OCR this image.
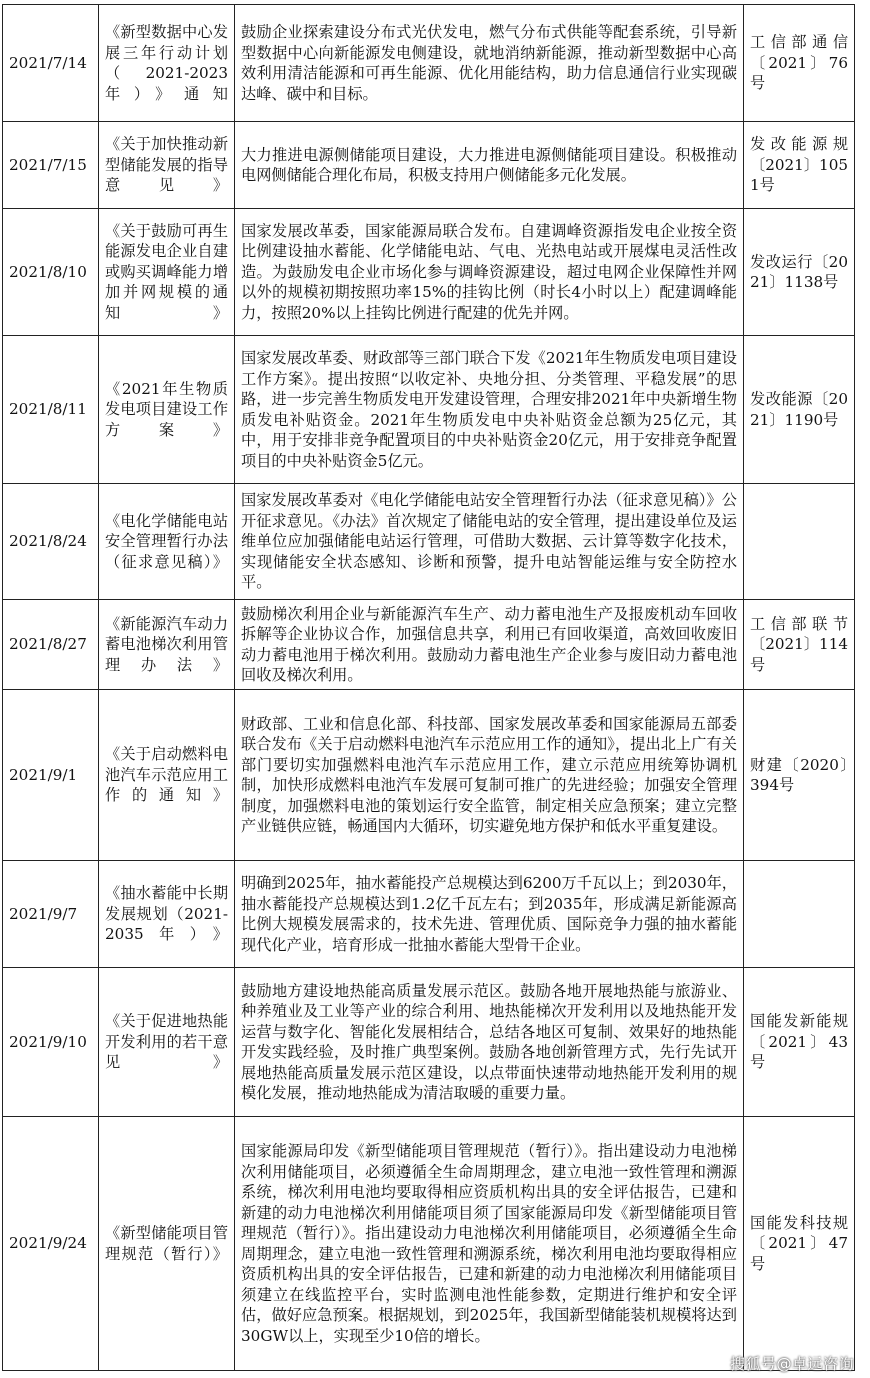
2021/7/14	《新型数据中心发展三年行动计划（2021-2023年）》通知	鼓励企业探索建设分布式光伏发电，燃气分布式供能等配套系统，引导新型数据中心向新能源发电侧建设，就地消纳新能源，推动新型数据中心高效利用清洁能源和可再生能源、优化用能结构，助力信息通信行业实现碳达峰、碳中和目标。	工信部通信〔2021〕76号
2021/7/15	《关于加快推动新型储能发展的指导意见》	大力推进电源侧储能项目建设，大力推进电源侧储能项目建设。积极推动电网侧储能合理化布局，积极支持用户侧储能多元化发展。	发改能源规〔2021〕1051号
2021/8/10	《关于鼓励可再生能源发电企业自建或购买调峰能力增加并网规模的通知》	国家发展改革委，国家能源局联合发布。自建调峰资源指发电企业按全资比例建设抽水蓄能、化学储能电站、气电、光热电站或开展煤电灵活性改造。为鼓励发电企业市场化参与调峰资源建设，超过电网企业保障性并网以外的规模初期按照功率15%的挂钩比例（时长4小时以上）配建调峰能力，按照20%以上挂钩比例进行配建的优先并网。	发改运行〔2021〕1138号
2021/8/11	《2021年生物质发电项目建设工作方案》	国家发展改革委、财政部等三部门联合下发《2021年生物质发电项目建设工作方案》。提出按照“以收定补、央地分担、分类管理、平稳发展”的思路，进一步完善生物质发电开发建设管理，合理安排2021年中央新增生物质发电补贴资金。2021年生物质发电中央补贴资金总额为25亿元，其中，用于安排非竞争配置项目的中央补贴资金20亿元，用于安排竞争配置项目的中央补贴资金5亿元。	发改能源〔2021〕1190号
2021/8/24	《电化学储能电站安全管理暂行办法（征求意见稿）》	国家发展改革委对《电化学储能电站安全管理暂行办法（征求意见稿）》公开征求意见。《办法》首次规定了储能电站的安全管理，提出建设单位及运维单位应加强储能电站运行管理，可借助大数据、云计算等数字化技术，实现储能安全状态感知、诊断和预警，提升电站智能运维与安全防控水平。	
2021/8/27	《新能源汽车动力蓄电池梯次利用管理办法》	鼓励梯次利用企业与新能源汽车生产、动力蓄电池生产及报废机动车回收拆解等企业协议合作，加强信息共享，利用已有回收渠道，高效回收废旧动力蓄电池用于梯次利用。鼓励动力蓄电池生产企业参与废旧动力蓄电池回收及梯次利用。	工信部联节〔2021〕114号
2021/9/1	《关于启动燃料电池汽车示范应用工作的通知》	财政部、工业和信息化部、科技部、国家发展改革委和国家能源局五部委联合发布《关于启动燃料电池汽车示范应用工作的通知》，提出北上广有关部门要切实加强燃料电池汽车示范应用工作，建立示范应用统筹协调机制，加快形成燃料电池汽车发展可复制可推广的先进经验；加强安全管理制度，加强燃料电池的策划运行安全监管，制定相关应急预案；建立完整产业链供应链，畅通国内大循环，切实避免地方保护和低水平重复建设。	财建〔2020〕394号
2021/9/7	《抽水蓄能中长期发展规划（2021-2035年）》	明确到2025年，抽水蓄能投产总规模达到6200万千瓦以上；到2030年，抽水蓄能投产总规模达到1.2亿千瓦左右；到2035年，形成满足新能源高比例大规模发展需求的，技术先进、管理优质、国际竞争力强的抽水蓄能现代化产业，培育形成一批抽水蓄能大型骨干企业。	
2021/9/10	《关于促进地热能开发利用的若干意见》	鼓励地方建设地热能高质量发展示范区。鼓励各地开展地热能与旅游业、种养殖业及工业等产业的综合利用、地热能梯次开发利用以及地热能开发运营与数字化、智能化发展相结合，总结各地区可复制、效果好的地热能开发实践经验，及时推广典型案例。鼓励各地创新管理方式，先行先试开展地热能高质量发展示范区建设，以点带面快速带动地热能开发利用的规模化发展，推动地热能成为清洁取暖的重要力量。	国能发新能规〔2021〕43号
2021/9/24	《新型储能项目管理规范（暂行）》	国家能源局印发《新型储能项目管理规范（暂行）》。指出建设动力电池梯次利用储能项目，必须遵循全生命周期理念，建立电池一致性管理和溯源系统，梯次利用电池均要取得相应资质机构出具的安全评估报告，已建和新建的动力电池梯次利用储能项目须了国家能源局印发《新型储能项目管理规范（暂行）》。指出建设动力电池梯次利用储能项目，必须遵循全生命周期理念，建立电池一致性管理和溯源系统，梯次利用电池均要取得相应资质机构出具的安全评估报告，已建和新建的动力电池梯次利用储能项目须建立在线监控平台，实时监测电池性能参数，定期进行维护和安全评估，做好应急预案。根据规划，到2025年，我国新型储能装机规模将达到30GW以上，实现至少10倍的增长。	国能发科技规〔2021〕47号
搜狐号@卓远咨询
